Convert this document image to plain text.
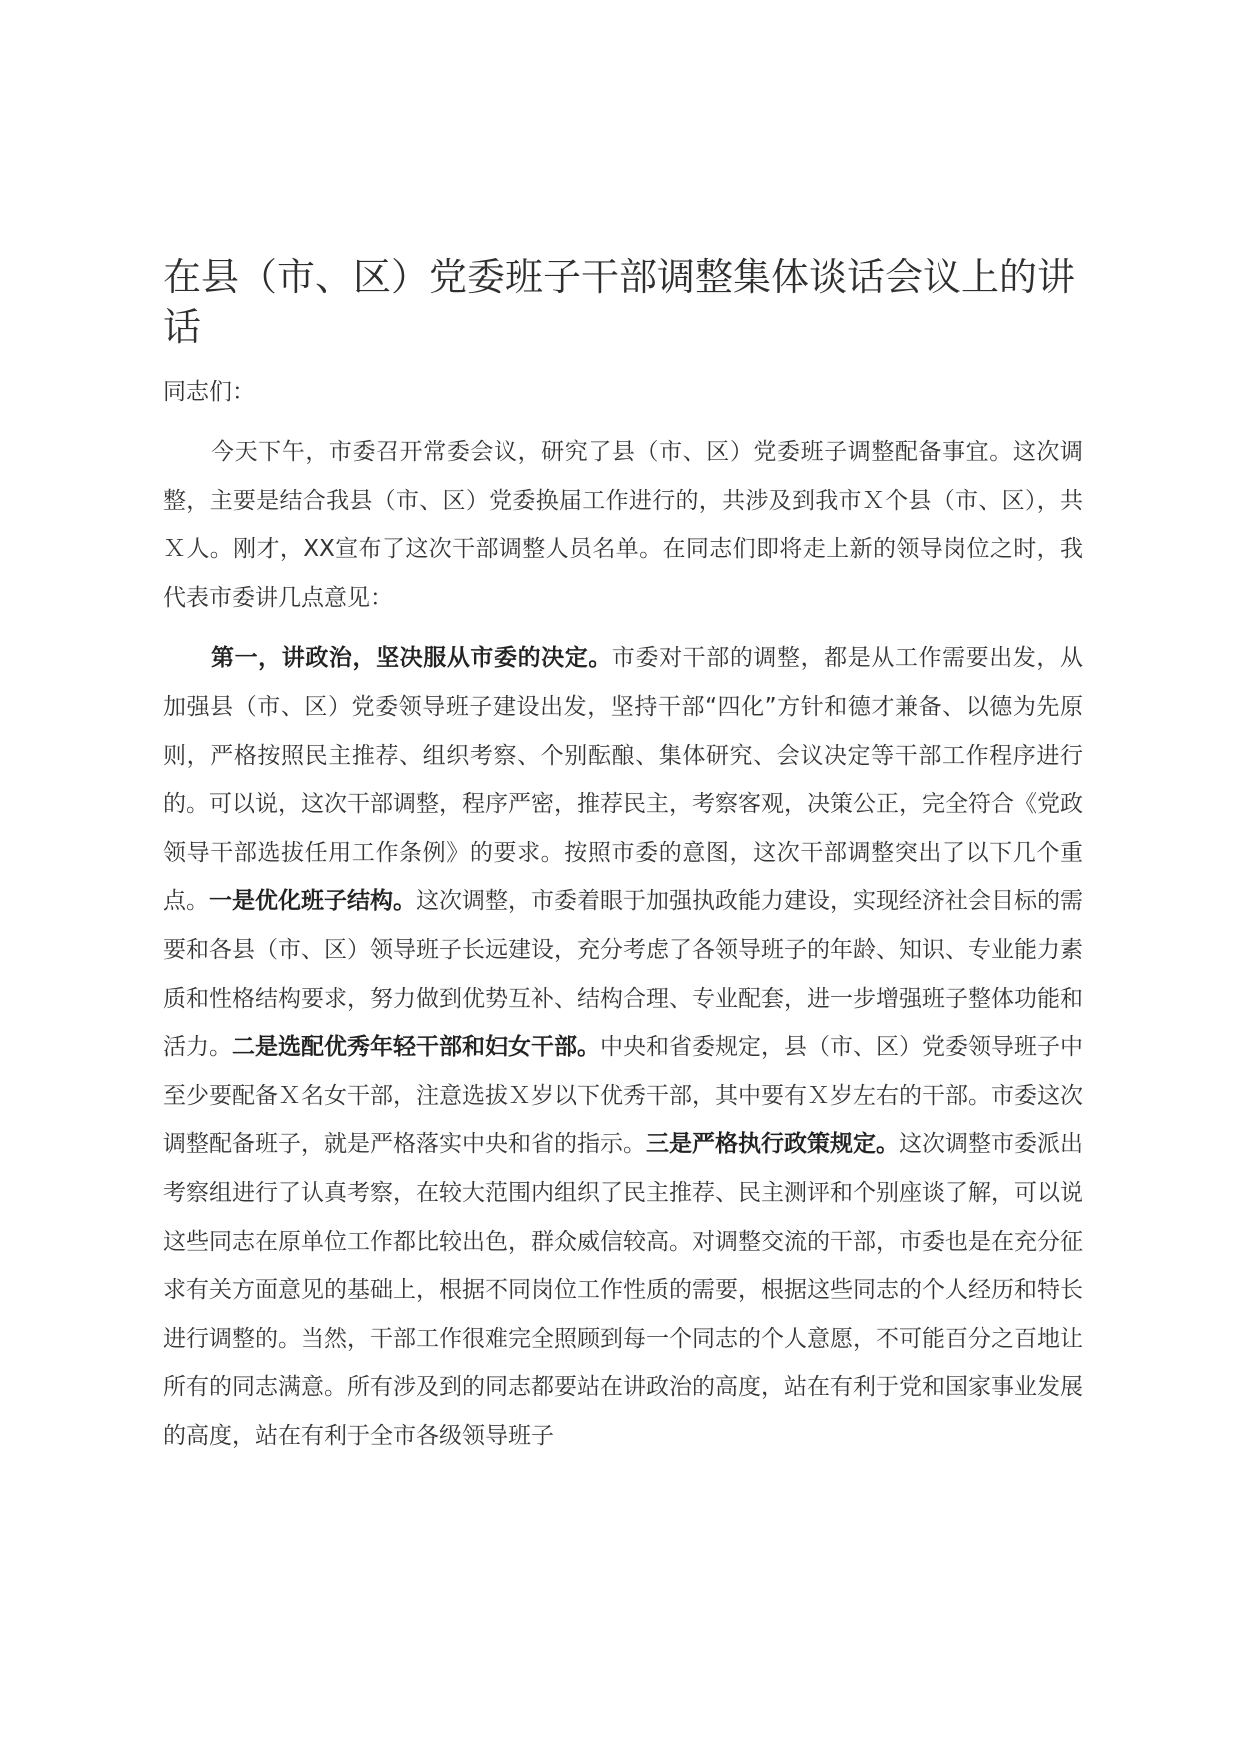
在县（市、区）党委班子干部调整集体谈话会议上的讲话

同志们：

今天下午，市委召开常委会议，研究了县（市、区）党委班子调整配备事宜。这次调整，主要是结合我县（市、区）党委换届工作进行的，共涉及到我市Ｘ个县（市、区），共Ｘ人。刚才，XX宣布了这次干部调整人员名单。在同志们即将走上新的领导岗位之时，我代表市委讲几点意见：

第一，讲政治，坚决服从市委的决定。市委对干部的调整，都是从工作需要出发，从加强县（市、区）党委领导班子建设出发，坚持干部“四化”方针和德才兼备、以德为先原则，严格按照民主推荐、组织考察、个别酝酿、集体研究、会议决定等干部工作程序进行的。可以说，这次干部调整，程序严密，推荐民主，考察客观，决策公正，完全符合《党政领导干部选拔任用工作条例》的要求。按照市委的意图，这次干部调整突出了以下几个重点。一是优化班子结构。这次调整，市委着眼于加强执政能力建设，实现经济社会目标的需要和各县（市、区）领导班子长远建设，充分考虑了各领导班子的年龄、知识、专业能力素质和性格结构要求，努力做到优势互补、结构合理、专业配套，进一步增强班子整体功能和活力。二是选配优秀年轻干部和妇女干部。中央和省委规定，县（市、区）党委领导班子中至少要配备Ｘ名女干部，注意选拔Ｘ岁以下优秀干部，其中要有Ｘ岁左右的干部。市委这次调整配备班子，就是严格落实中央和省的指示。三是严格执行政策规定。这次调整市委派出考察组进行了认真考察，在较大范围内组织了民主推荐、民主测评和个别座谈了解，可以说这些同志在原单位工作都比较出色，群众威信较高。对调整交流的干部，市委也是在充分征求有关方面意见的基础上，根据不同岗位工作性质的需要，根据这些同志的个人经历和特长进行调整的。当然，干部工作很难完全照顾到每一个同志的个人意愿，不可能百分之百地让所有的同志满意。所有涉及到的同志都要站在讲政治的高度，站在有利于党和国家事业发展的高度，站在有利于全市各级领导班子
